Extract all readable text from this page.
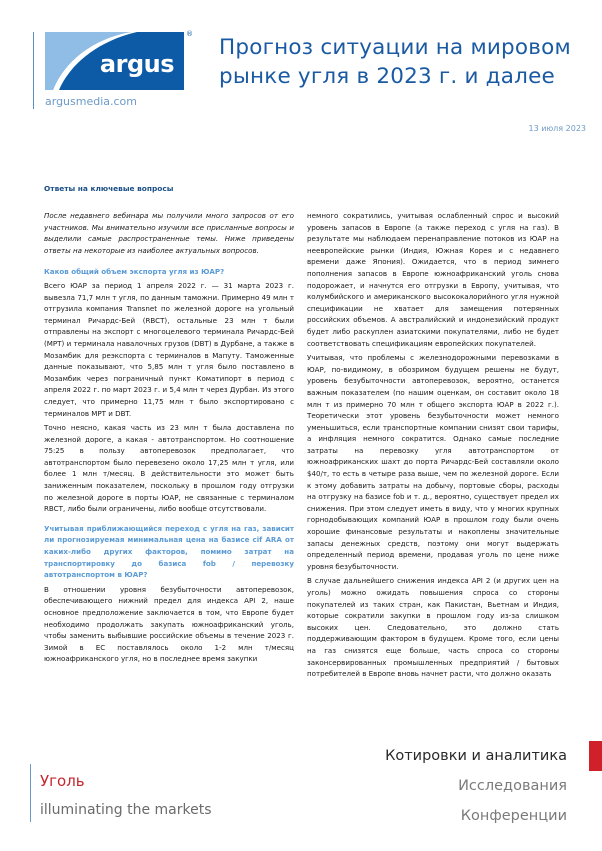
argus
®
argusmedia.com
Прогноз ситуации на мировом рынке угля в 2023 г. и далее
13 июля 2023
Ответы на ключевые вопросы

После недавнего вебинара мы получили много запросов от его участников. Мы внимательно изучили все присланные вопросы и выделили самые распространенные темы. Ниже приведены ответы на некоторые из наиболее актуальных вопросов.

Каков общий объем экспорта угля из ЮАР?

Всего ЮАР за период 1 апреля 2022 г. — 31 марта 2023 г. вывезла 71,7 млн т угля, по данным таможни. Примерно 49 млн т отгрузила компания Transnet по железной дороге на угольный терминал Ричардс-Бей (RBCT), остальные 23 млн т были отправлены на экспорт с многоцелевого терминала Ричардс-Бей (MPT) и терминала навалочных грузов (DBT) в Дурбане, а также в Мозамбик для реэкспорта с терминалов в Мапуту. Таможенные данные показывают, что 5,85 млн т угля было поставлено в Мозамбик через пограничный пункт Коматипорт в период с апреля 2022 г. по март 2023 г. и 5,4 млн т через Дурбан. Из этого следует, что примерно 11,75 млн т было экспортировано с терминалов MPT и DBT.

Точно неясно, какая часть из 23 млн т была доставлена по железной дороге, а какая - автотранспортом. Но соотношение 75:25 в пользу автоперевозок предполагает, что автотранспортом было перевезено около 17,25 млн т угля, или более 1 млн т/месяц. В действительности это может быть заниженным показателем, поскольку в прошлом году отгрузки по железной дороге в порты ЮАР, не связанные с терминалом RBCT, либо были ограничены, либо вообще отсутствовали.

Учитывая приближающийся переход с угля на газ, зависит ли прогнозируемая минимальная цена на базисе cif ARA от каких-либо других факторов, помимо затрат на транспортировку до базиса fob / перевозку автотранспортом в ЮАР?

В отношении уровня безубыточности автоперевозок, обеспечивающего нижний предел для индекса API 2, наше основное предположение заключается в том, что Европе будет необходимо продолжать закупать южноафриканский уголь, чтобы заменить выбывшие российские объемы в течение 2023 г. Зимой в ЕС поставлялось около 1-2 млн т/месяц южноафриканского угля, но в последнее время закупки

немного сократились, учитывая ослабленный спрос и высокий уровень запасов в Европе (а также переход с угля на газ). В результате мы наблюдаем перенаправление потоков из ЮАР на неевропейские рынки (Индия, Южная Корея и с недавнего времени даже Япония). Ожидается, что в период зимнего пополнения запасов в Европе южноафриканский уголь снова подорожает, и начнутся его отгрузки в Европу, учитывая, что колумбийского и американского высококалорийного угля нужной спецификации не хватает для замещения потерянных российских объемов. А австралийский и индонезийский продукт будет либо раскуплен азиатскими покупателями, либо не будет соответствовать спецификациям европейских покупателей.

Учитывая, что проблемы с железнодорожными перевозками в ЮАР, по-видимому, в обозримом будущем решены не будут, уровень безубыточности автоперевозок, вероятно, останется важным показателем (по нашим оценкам, он составит около 18 млн т из примерно 70 млн т общего экспорта ЮАР в 2022 г.). Теоретически этот уровень безубыточности может немного уменьшиться, если транспортные компании снизят свои тарифы, а инфляция немного сократится. Однако самые последние затраты на перевозку угля автотранспортом от южноафриканских шахт до порта Ричардс-Бей составляли около $40/т, то есть в четыре раза выше, чем по железной дороге. Если к этому добавить затраты на добычу, портовые сборы, расходы на отгрузку на базисе fob и т. д., вероятно, существует предел их снижения. При этом следует иметь в виду, что у многих крупных горнодобывающих компаний ЮАР в прошлом году были очень хорошие финансовые результаты и накоплены значительные запасы денежных средств, поэтому они могут выдержать определенный период времени, продавая уголь по цене ниже уровня безубыточности.

В случае дальнейшего снижения индекса API 2 (и других цен на уголь) можно ожидать повышения спроса со стороны покупателей из таких стран, как Пакистан, Вьетнам и Индия, которые сократили закупки в прошлом году из-за слишком высоких цен. Следовательно, это должно стать поддерживающим фактором в будущем. Кроме того, если цены на газ снизятся еще больше, часть спроса со стороны законсервированных промышленных предприятий / бытовых потребителей в Европе вновь начнет расти, что должно оказать

Уголь
illuminating the markets
Котировки и аналитика
Исследования
Конференции
